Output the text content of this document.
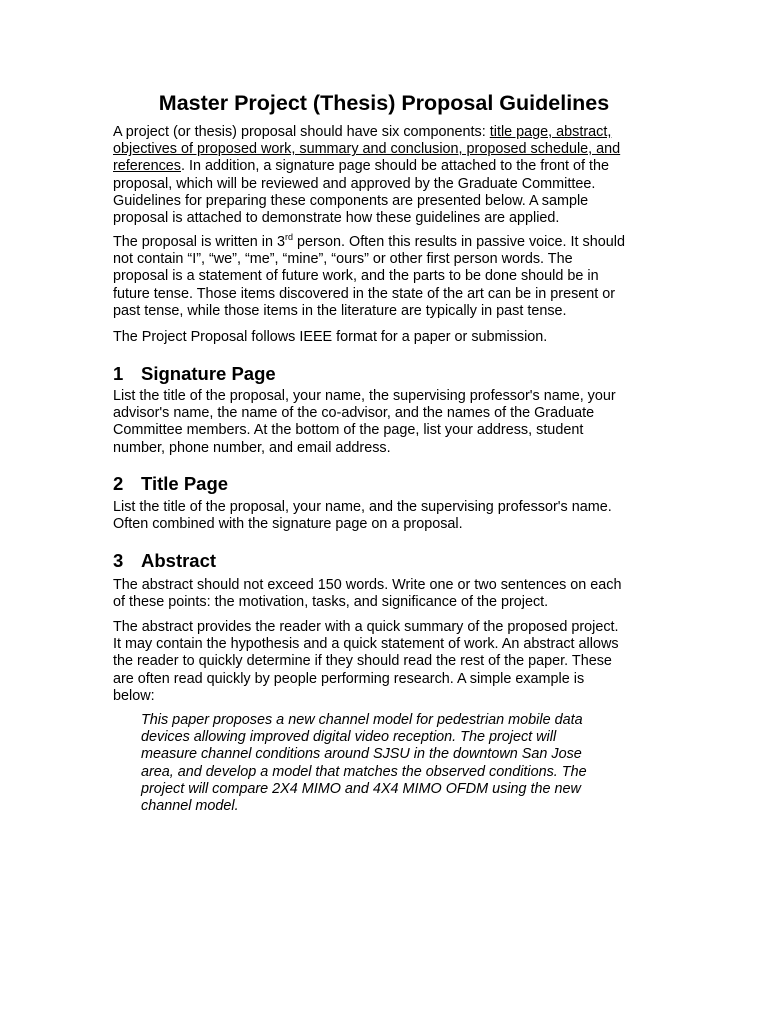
Master Project (Thesis) Proposal Guidelines

A project (or thesis) proposal should have six components: title page, abstract,
objectives of proposed work, summary and conclusion, proposed schedule, and
references. In addition, a signature page should be attached to the front of the
proposal, which will be reviewed and approved by the Graduate Committee.
Guidelines for preparing these components are presented below. A sample
proposal is attached to demonstrate how these guidelines are applied.

The proposal is written in 3rd person. Often this results in passive voice. It should
not contain “I”, “we”, “me”, “mine”, “ours” or other first person words. The
proposal is a statement of future work, and the parts to be done should be in
future tense. Those items discovered in the state of the art can be in present or
past tense, while those items in the literature are typically in past tense.

The Project Proposal follows IEEE format for a paper or submission.

1 Signature Page

List the title of the proposal, your name, the supervising professor's name, your
advisor's name, the name of the co-advisor, and the names of the Graduate
Committee members. At the bottom of the page, list your address, student
number, phone number, and email address.

2 Title Page

List the title of the proposal, your name, and the supervising professor's name.
Often combined with the signature page on a proposal.

3 Abstract

The abstract should not exceed 150 words. Write one or two sentences on each
of these points: the motivation, tasks, and significance of the project.

The abstract provides the reader with a quick summary of the proposed project.
It may contain the hypothesis and a quick statement of work. An abstract allows
the reader to quickly determine if they should read the rest of the paper. These
are often read quickly by people performing research. A simple example is
below:

This paper proposes a new channel model for pedestrian mobile data
devices allowing improved digital video reception. The project will
measure channel conditions around SJSU in the downtown San Jose
area, and develop a model that matches the observed conditions. The
project will compare 2X4 MIMO and 4X4 MIMO OFDM using the new
channel model.
